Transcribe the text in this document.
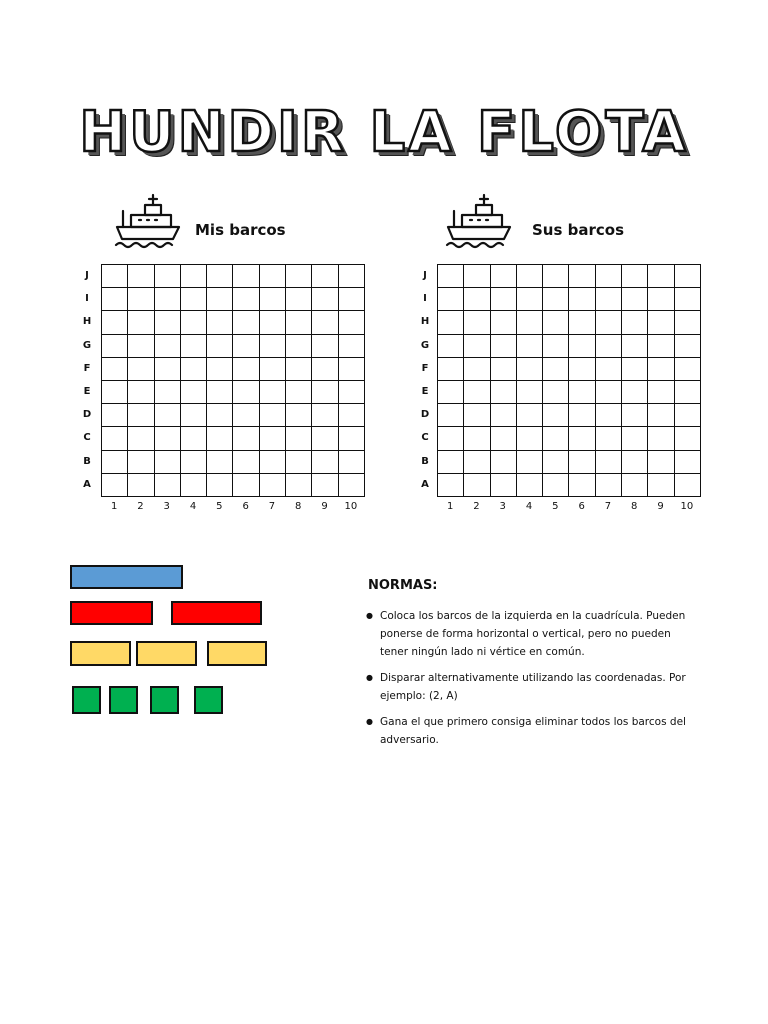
HUNDIR LA FLOTA
Mis barcos	Sus barcos
J
I
H
G
F
E
D
C
B
A
1	2	3	4	5	6	7	8	9	10
J
I
H
G
F
E
D
C
B
A
1	2	3	4	5	6	7	8	9	10
NORMAS:
● Coloca los barcos de la izquierda en la cuadrícula. Pueden ponerse de forma horizontal o vertical, pero no pueden tener ningún lado ni vértice en común.
● Disparar alternativamente utilizando las coordenadas. Por ejemplo: (2, A)
● Gana el que primero consiga eliminar todos los barcos del adversario.
